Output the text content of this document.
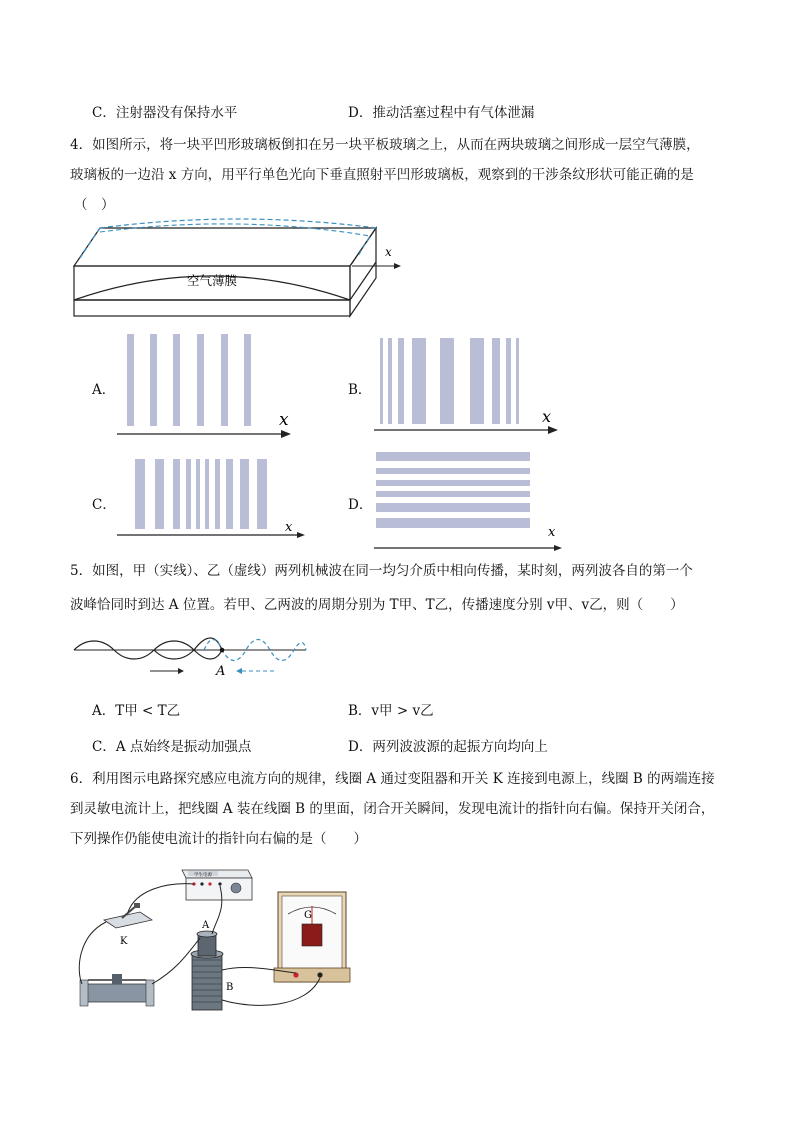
C．注射器没有保持水平	D．推动活塞过程中有气体泄漏
4．如图所示，将一块平凹形玻璃板倒扣在另一块平板玻璃之上，从而在两块玻璃之间形成一层空气薄膜，
玻璃板的一边沿 x 方向，用平行单色光向下垂直照射平凹形玻璃板，观察到的干涉条纹形状可能正确的是
（　）
x
空气薄膜
A．	B．
C．	D．
x	x
x	x
5．如图，甲（实线）、乙（虚线）两列机械波在同一均匀介质中相向传播，某时刻，两列波各自的第一个
波峰恰同时到达 A 位置。若甲、乙两波的周期分别为 T甲、T乙，传播速度分别 v甲、v乙，则（　　）
A
A．T甲 < T乙	B．v甲 > v乙
C．A 点始终是振动加强点	D．两列波波源的起振方向均向上
6．利用图示电路探究感应电流方向的规律，线圈 A 通过变阻器和开关 K 连接到电源上，线圈 B 的两端连接
到灵敏电流计上，把线圈 A 装在线圈 B 的里面，闭合开关瞬间，发现电流计的指针向右偏。保持开关闭合，
下列操作仍能使电流计的指针向右偏的是（　　）
学生电源
K
A
B
G
